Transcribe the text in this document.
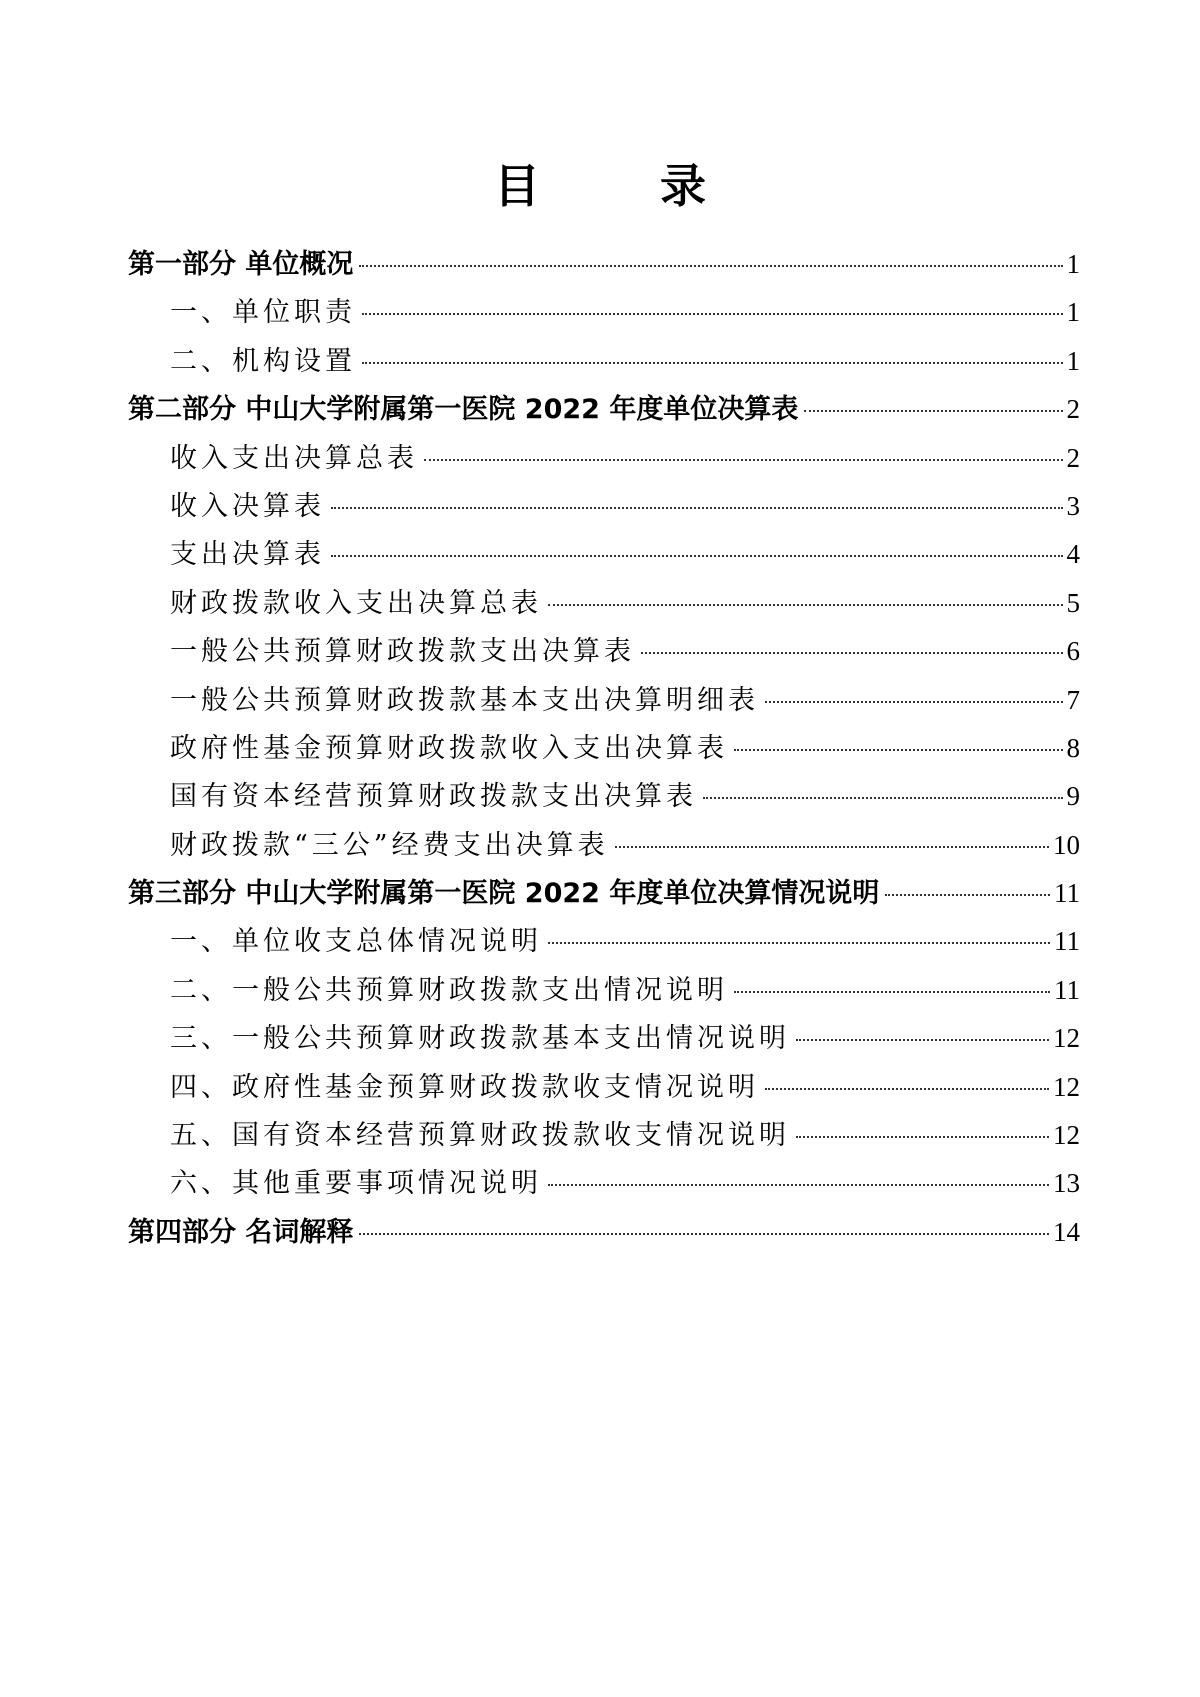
目 录
第一部分 单位概况	1
一、单位职责	1
二、机构设置	1
第二部分 中山大学附属第一医院 2022 年度单位决算表	2
收入支出决算总表	2
收入决算表	3
支出决算表	4
财政拨款收入支出决算总表	5
一般公共预算财政拨款支出决算表	6
一般公共预算财政拨款基本支出决算明细表	7
政府性基金预算财政拨款收入支出决算表	8
国有资本经营预算财政拨款支出决算表	9
财政拨款“三公”经费支出决算表	10
第三部分 中山大学附属第一医院 2022 年度单位决算情况说明	11
一、单位收支总体情况说明	11
二、一般公共预算财政拨款支出情况说明	11
三、一般公共预算财政拨款基本支出情况说明	12
四、政府性基金预算财政拨款收支情况说明	12
五、国有资本经营预算财政拨款收支情况说明	12
六、其他重要事项情况说明	13
第四部分 名词解释	14
